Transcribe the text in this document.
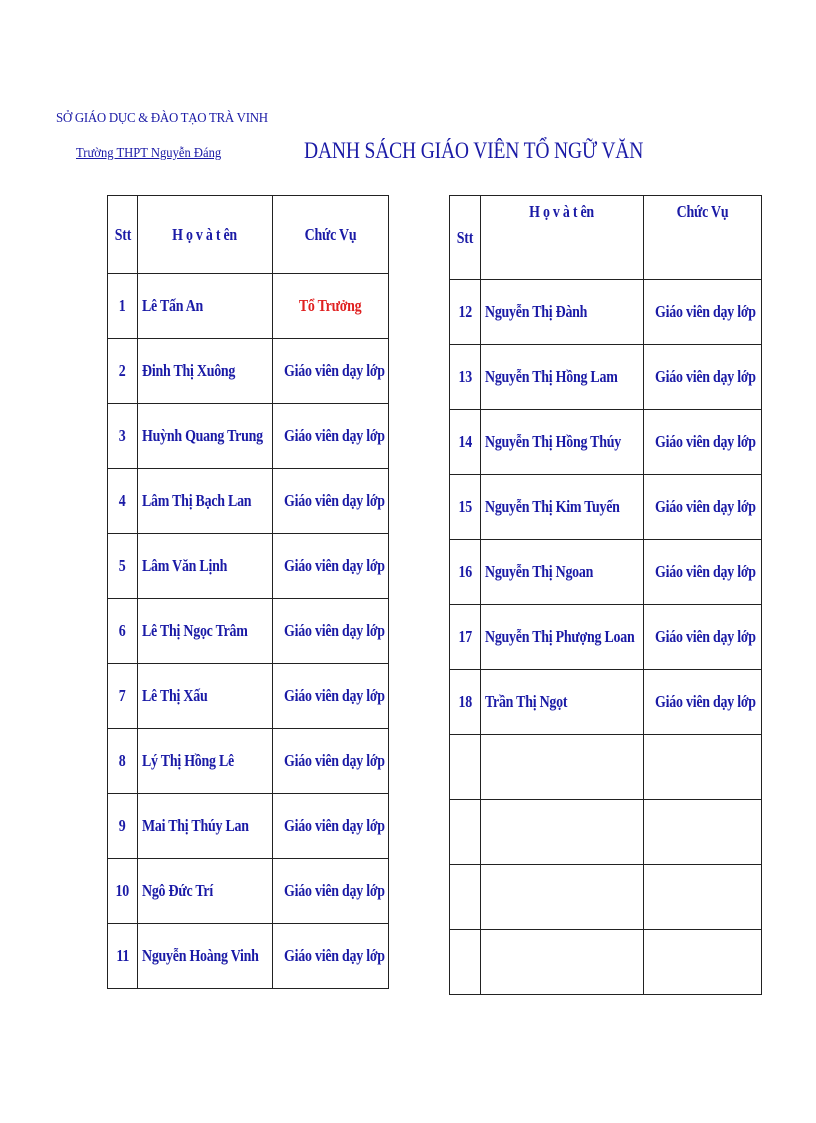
SỞ GIÁO DỤC & ĐÀO TẠO TRÀ VINH
Trường THPT Nguyễn Đáng	DANH SÁCH GIÁO VIÊN TỔ NGỮ VĂN
Stt	H ọ v à t ên	Chức Vụ
1	Lê Tấn An	Tổ Trưởng
2	Đinh Thị Xuông	Giáo viên dạy lớp
3	Huỳnh Quang Trung	Giáo viên dạy lớp
4	Lâm Thị Bạch Lan	Giáo viên dạy lớp
5	Lâm Văn Lịnh	Giáo viên dạy lớp
6	Lê Thị Ngọc Trâm	Giáo viên dạy lớp
7	Lê Thị Xấu	Giáo viên dạy lớp
8	Lý Thị Hồng Lê	Giáo viên dạy lớp
9	Mai Thị Thúy Lan	Giáo viên dạy lớp
10	Ngô Đức Trí	Giáo viên dạy lớp
11	Nguyễn Hoàng Vinh	Giáo viên dạy lớp
Stt	H ọ v à t ên	Chức Vụ
12	Nguyễn Thị Đành	Giáo viên dạy lớp
13	Nguyễn Thị Hồng Lam	Giáo viên dạy lớp
14	Nguyễn Thị Hồng Thúy	Giáo viên dạy lớp
15	Nguyễn Thị Kim Tuyến	Giáo viên dạy lớp
16	Nguyễn Thị Ngoan	Giáo viên dạy lớp
17	Nguyễn Thị Phượng Loan	Giáo viên dạy lớp
18	Trần Thị Ngọt	Giáo viên dạy lớp
